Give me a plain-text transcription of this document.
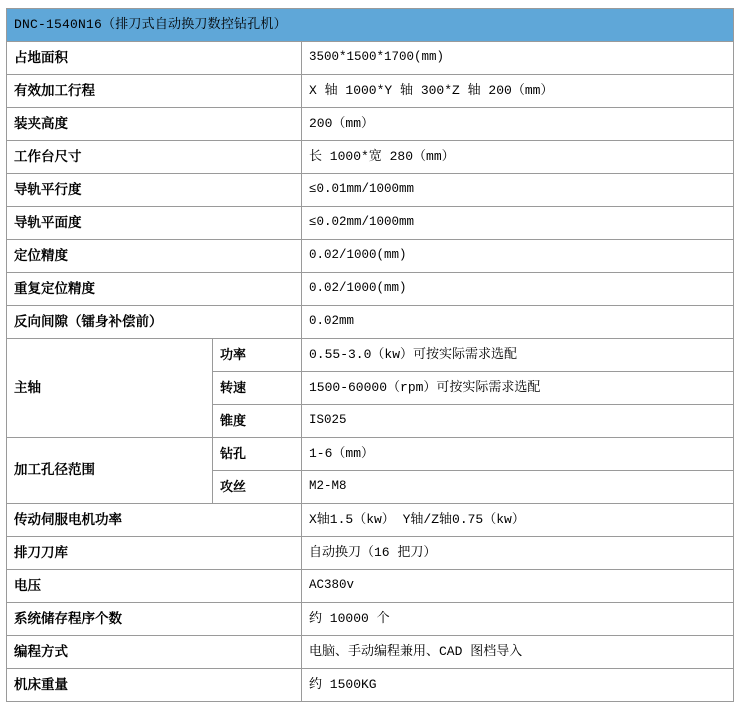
DNC-1540N16（排刀式自动换刀数控钻孔机）		
占地面积		3500*1500*1700(mm)
有效加工行程		X 轴 1000*Y 轴 300*Z 轴 200（mm）
装夹高度		200（mm）
工作台尺寸		长 1000*宽 280（mm）
导轨平行度		≤0.01mm/1000mm
导轨平面度		≤0.02mm/1000mm
定位精度		0.02/1000(mm)
重复定位精度		0.02/1000(mm)
反向间隙（镭身补偿前）		0.02mm
主轴	功率	0.55-3.0（kw）可按实际需求选配
	转速	1500-60000（rpm）可按实际需求选配
	锥度	IS025
加工孔径范围	钻孔	1-6（mm）
	攻丝	M2-M8
传动伺服电机功率		X轴1.5（kw） Y轴/Z轴0.75（kw）
排刀刀库		自动换刀（16 把刀）
电压		AC380v
系统储存程序个数		约 10000 个
编程方式		电脑、手动编程兼用、CAD 图档导入
机床重量		约 1500KG
